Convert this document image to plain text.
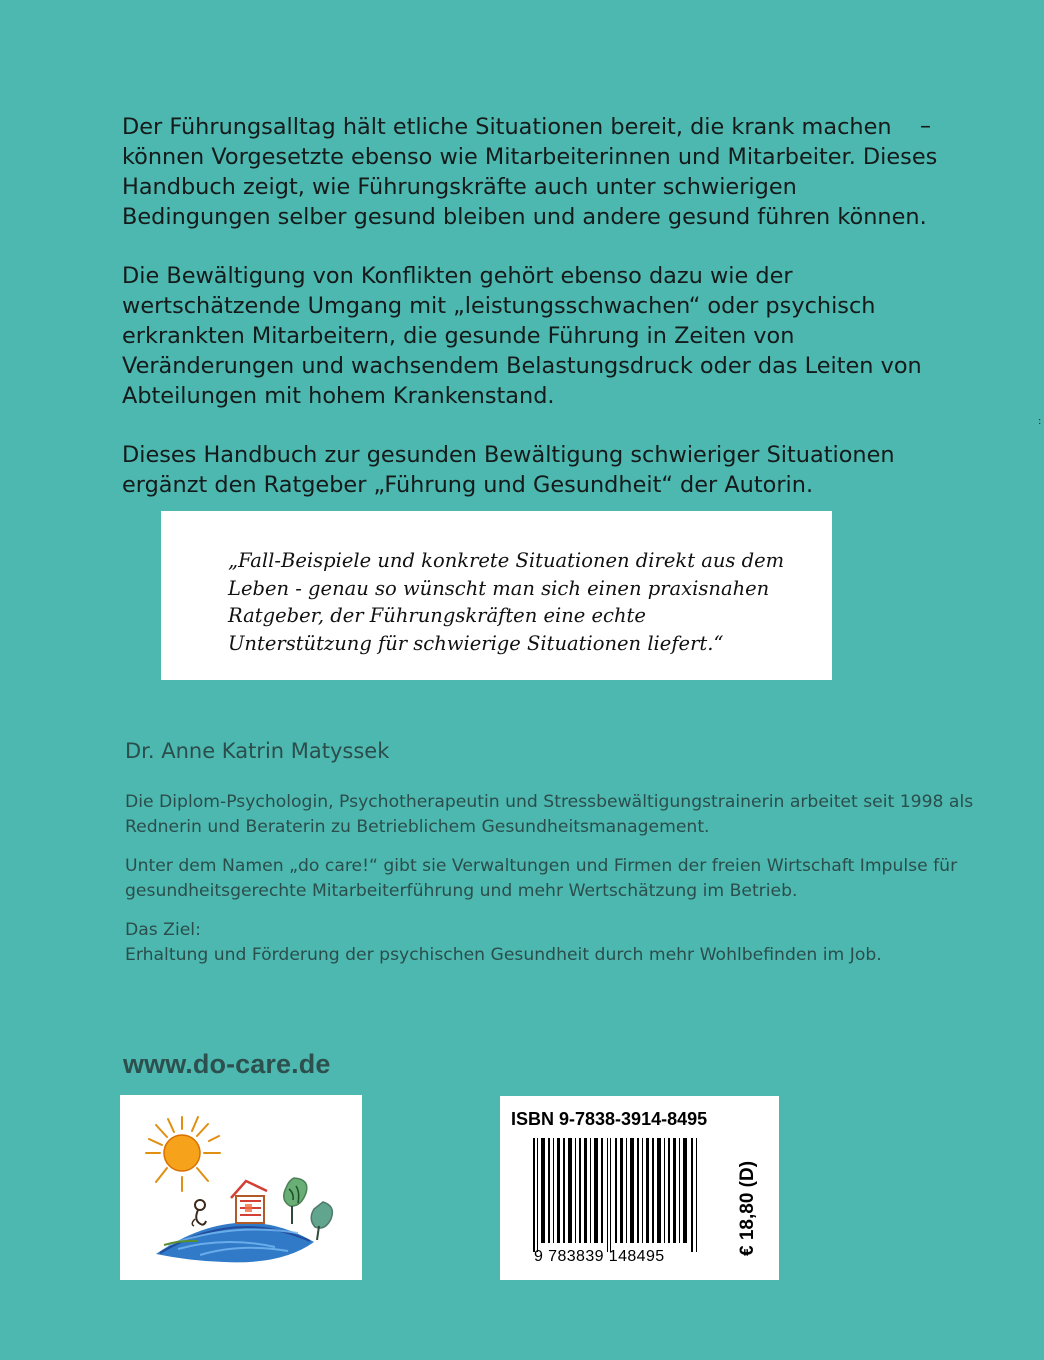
Der Führungsalltag hält etliche Situationen bereit, die krank machen können Vorgesetzte ebenso wie Mitarbeiterinnen und Mitarbeiter. Dieses Handbuch zeigt, wie Führungskräfte auch unter schwierigen Bedingungen selber gesund bleiben und andere gesund führen können.

Die Bewältigung von Konflikten gehört ebenso dazu wie der wertschätzende Umgang mit „leistungsschwachen“ oder psychisch erkrankten Mitarbeitern, die gesunde Führung in Zeiten von Veränderungen und wachsendem Belastungsdruck oder das Leiten von Abteilungen mit hohem Krankenstand.

Dieses Handbuch zur gesunden Bewältigung schwieriger Situationen ergänzt den Ratgeber „Führung und Gesundheit“ der Autorin.

–
:

„Fall-Beispiele und konkrete Situationen direkt aus dem Leben - genau so wünscht man sich einen praxisnahen Ratgeber, der Führungskräften eine echte Unterstützung für schwierige Situationen liefert.“

Dr. Anne Katrin Matyssek

Die Diplom-Psychologin, Psychotherapeutin und Stressbewältigungstrainerin arbeitet seit 1998 als Rednerin und Beraterin zu Betrieblichem Gesundheitsmanagement.

Unter dem Namen „do care!“ gibt sie Verwaltungen und Firmen der freien Wirtschaft Impulse für gesundheitsgerechte Mitarbeiterführung und mehr Wertschätzung im Betrieb.

Das Ziel:
Erhaltung und Förderung der psychischen Gesundheit durch mehr Wohlbefinden im Job.

www.do-care.de

ISBN 9-7838-3914-8495

9 783839 148495
€ 18,80 (D)
